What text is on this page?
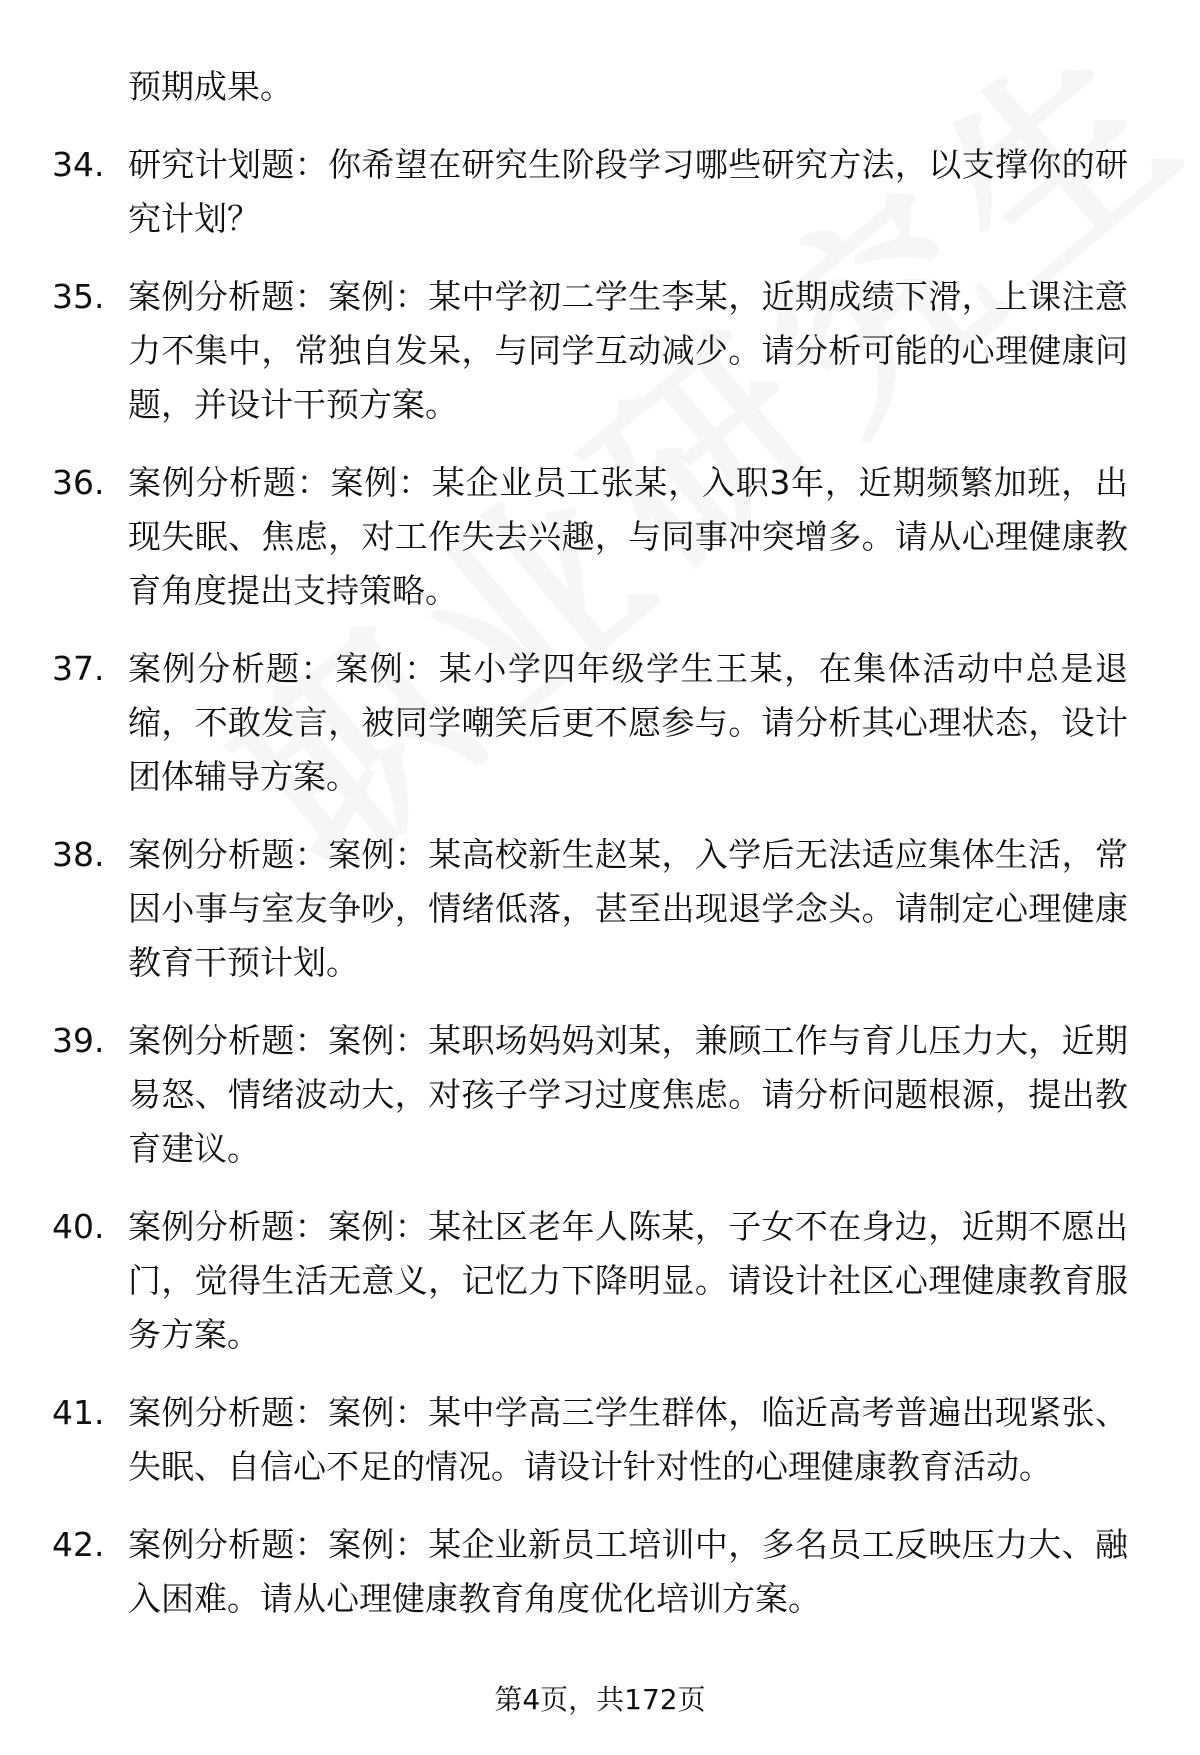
预期成果。

34. 研究计划题：你希望在研究生阶段学习哪些研究方法，以支撑你的研究计划？

35. 案例分析题：案例：某中学初二学生李某，近期成绩下滑，上课注意力不集中，常独自发呆，与同学互动减少。请分析可能的心理健康问题，并设计干预方案。

36. 案例分析题：案例：某企业员工张某，入职3年，近期频繁加班，出现失眠、焦虑，对工作失去兴趣，与同事冲突增多。请从心理健康教育角度提出支持策略。

37. 案例分析题：案例：某小学四年级学生王某，在集体活动中总是退缩，不敢发言，被同学嘲笑后更不愿参与。请分析其心理状态，设计团体辅导方案。

38. 案例分析题：案例：某高校新生赵某，入学后无法适应集体生活，常因小事与室友争吵，情绪低落，甚至出现退学念头。请制定心理健康教育干预计划。

39. 案例分析题：案例：某职场妈妈刘某，兼顾工作与育儿压力大，近期易怒、情绪波动大，对孩子学习过度焦虑。请分析问题根源，提出教育建议。

40. 案例分析题：案例：某社区老年人陈某，子女不在身边，近期不愿出门，觉得生活无意义，记忆力下降明显。请设计社区心理健康教育服务方案。

41. 案例分析题：案例：某中学高三学生群体，临近高考普遍出现紧张、失眠、自信心不足的情况。请设计针对性的心理健康教育活动。

42. 案例分析题：案例：某企业新员工培训中，多名员工反映压力大、融入困难。请从心理健康教育角度优化培训方案。

第4页，共172页
